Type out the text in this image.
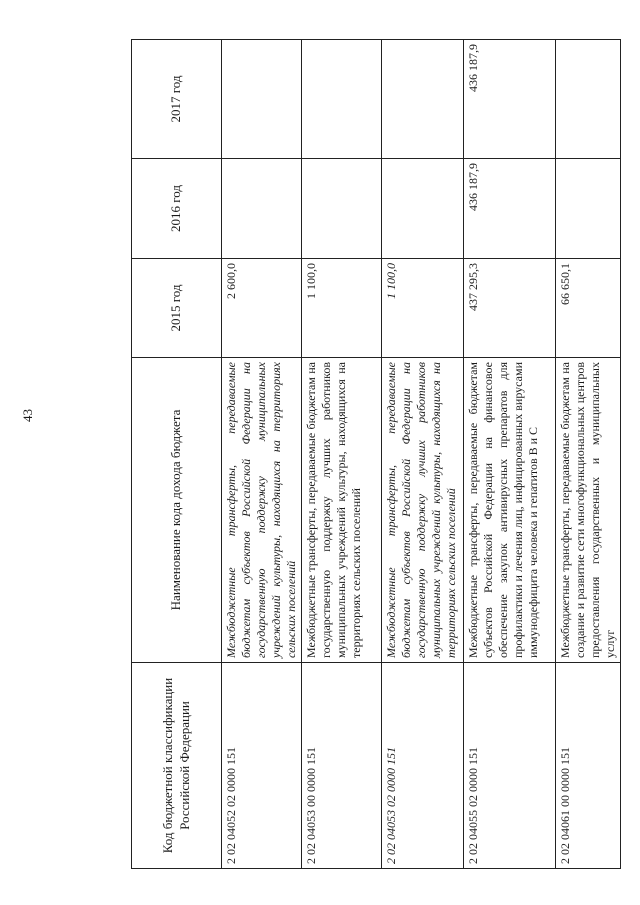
43
Код бюджетной классификации Российской Федерации	Наименование кода дохода бюджета	2015 год	2016 год	2017 год
2 02 04052 02 0000 151	Межбюджетные трансферты, передаваемые бюджетам субъектов Российской Федерации на государственную поддержку муниципальных учреждений культуры, находящихся на территориях сельских поселений	2 600,0		
2 02 04053 00 0000 151	Межбюджетные трансферты, передаваемые бюджетам на государственную поддержку лучших работников муниципальных учреждений культуры, находящихся на территориях сельских поселений	1 100,0		
2 02 04053 02 0000 151	Межбюджетные трансферты, передаваемые бюджетам субъектов Российской Федерации на государственную поддержку лучших работников муниципальных учреждений культуры, находящихся на территориях сельских поселений	1 100,0		
2 02 04055 02 0000 151	Межбюджетные трансферты, передаваемые бюджетам субъектов Российской Федерации на финансовое обеспечение закупок антивирусных препаратов для профилактики и лечения лиц, инфицированных вирусами иммунодефицита человека и гепатитов B и C	437 295,3	436 187,9	436 187,9
2 02 04061 00 0000 151	Межбюджетные трансферты, передаваемые бюджетам на создание и развитие сети многофункциональных центров предоставления государственных и муниципальных услуг	66 650,1		
